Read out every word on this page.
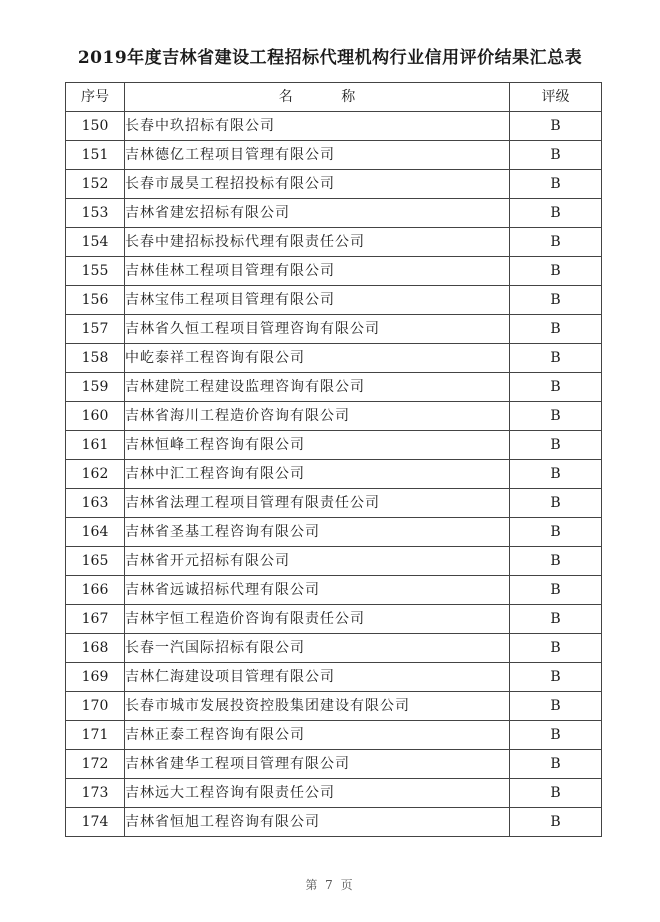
2019年度吉林省建设工程招标代理机构行业信用评价结果汇总表
序号	名 称	评级
150	长春中玖招标有限公司	B
151	吉林德亿工程项目管理有限公司	B
152	长春市晟昊工程招投标有限公司	B
153	吉林省建宏招标有限公司	B
154	长春中建招标投标代理有限责任公司	B
155	吉林佳林工程项目管理有限公司	B
156	吉林宝伟工程项目管理有限公司	B
157	吉林省久恒工程项目管理咨询有限公司	B
158	中屹泰祥工程咨询有限公司	B
159	吉林建院工程建设监理咨询有限公司	B
160	吉林省海川工程造价咨询有限公司	B
161	吉林恒峰工程咨询有限公司	B
162	吉林中汇工程咨询有限公司	B
163	吉林省法理工程项目管理有限责任公司	B
164	吉林省圣基工程咨询有限公司	B
165	吉林省开元招标有限公司	B
166	吉林省远诚招标代理有限公司	B
167	吉林宇恒工程造价咨询有限责任公司	B
168	长春一汽国际招标有限公司	B
169	吉林仁海建设项目管理有限公司	B
170	长春市城市发展投资控股集团建设有限公司	B
171	吉林正泰工程咨询有限公司	B
172	吉林省建华工程项目管理有限公司	B
173	吉林远大工程咨询有限责任公司	B
174	吉林省恒旭工程咨询有限公司	B
第 7 页
